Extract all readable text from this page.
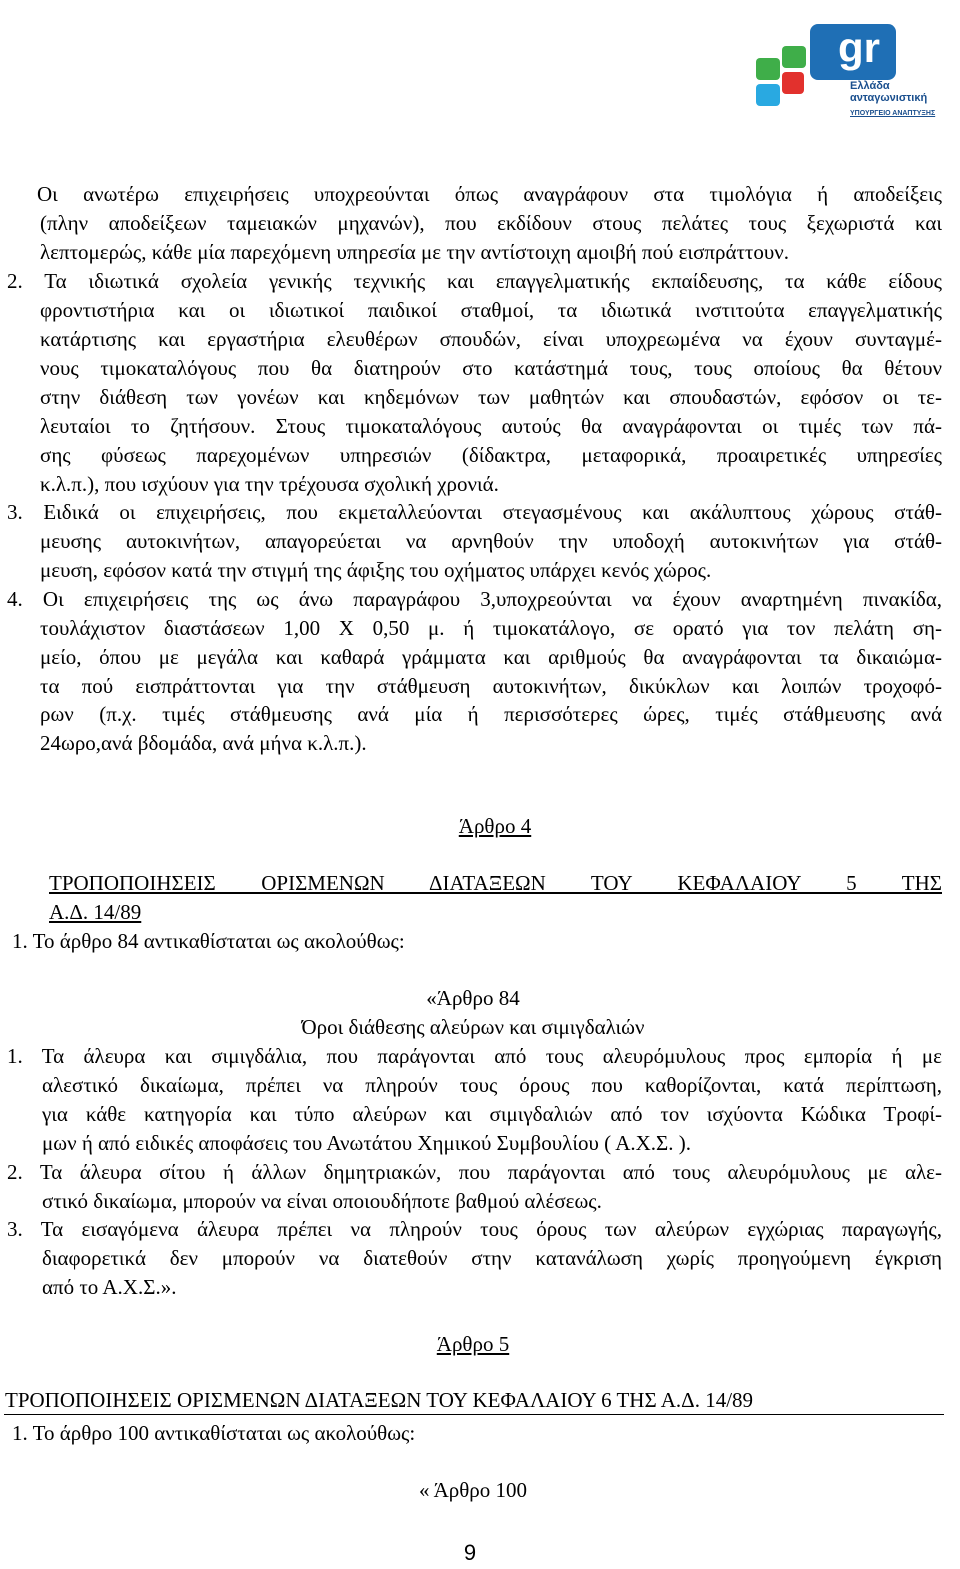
gr
Ελλάδα
ανταγωνιστική
ΥΠΟΥΡΓΕΙΟ ΑΝΑΠΤΥΞΗΣ

Οι ανωτέρω επιχειρήσεις υποχρεούνται όπως αναγράφουν στα τιμολόγια ή αποδείξεις

(πλην αποδείξεων ταμειακών μηχανών), που εκδίδουν στους πελάτες τους ξεχωριστά και

λεπτομερώς, κάθε μία παρεχόμενη υπηρεσία με την αντίστοιχη αμοιβή πού εισπράττουν.

2. Τα ιδιωτικά σχολεία γενικής τεχνικής και επαγγελματικής εκπαίδευσης, τα κάθε είδους

φροντιστήρια και οι ιδιωτικοί παιδικοί σταθμοί, τα ιδιωτικά ινστιτούτα επαγγελματικής

κατάρτισης και εργαστήρια ελευθέρων σπουδών, είναι υποχρεωμένα να έχουν συνταγμέ-

νους τιμοκαταλόγους που θα διατηρούν στο κατάστημά τους, τους οποίους θα θέτουν

στην διάθεση των γονέων και κηδεμόνων των μαθητών και σπουδαστών, εφόσον οι τε-

λευταίοι το ζητήσουν. Στους τιμοκαταλόγους αυτούς θα αναγράφονται οι τιμές των πά-

σης φύσεως παρεχομένων υπηρεσιών (δίδακτρα, μεταφορικά, προαιρετικές υπηρεσίες

κ.λ.π.), που ισχύουν για την τρέχουσα σχολική χρονιά.

3. Ειδικά οι επιχειρήσεις, που εκμεταλλεύονται στεγασμένους και ακάλυπτους χώρους στάθ-

μευσης αυτοκινήτων, απαγορεύεται να αρνηθούν την υποδοχή αυτοκινήτων για στάθ-

μευση, εφόσον κατά την στιγμή της άφιξης του οχήματος υπάρχει κενός χώρος.

4. Οι επιχειρήσεις της ως άνω παραγράφου 3,υποχρεούνται να έχουν αναρτημένη πινακίδα,

τουλάχιστον διαστάσεων 1,00 Χ 0,50 μ. ή τιμοκατάλογο, σε ορατό για τον πελάτη ση-

μείο, όπου με μεγάλα και καθαρά γράμματα και αριθμούς θα αναγράφονται τα δικαιώμα-

τα πού εισπράττονται για την στάθμευση αυτοκινήτων, δικύκλων και λοιπών τροχοφό-

ρων (π.χ. τιμές στάθμευσης ανά μία ή περισσότερες ώρες, τιμές στάθμευσης ανά

24ωρο,ανά βδομάδα, ανά μήνα κ.λ.π.).

Άρθρο 4

ΤΡΟΠΟΠΟΙΗΣΕΙΣ ΟΡΙΣΜΕΝΩΝ ΔΙΑΤΑΞΕΩΝ ΤΟΥ ΚΕΦΑΛΑΙΟΥ 5 ΤΗΣ

Α.Δ. 14/89

1. Το άρθρο 84 αντικαθίσταται ως ακολούθως:

«Άρθρο 84

Όροι διάθεσης αλεύρων και σιμιγδαλιών

1. Τα άλευρα και σιμιγδάλια, που παράγονται από τους αλευρόμυλους προς εμπορία ή με

αλεστικό δικαίωμα, πρέπει να πληρούν τους όρους που καθορίζονται, κατά περίπτωση,

για κάθε κατηγορία και τύπο αλεύρων και σιμιγδαλιών από τον ισχύοντα Κώδικα Τροφί-

μων ή από ειδικές αποφάσεις του Ανωτάτου Χημικού Συμβουλίου ( Α.Χ.Σ. ).

2. Τα άλευρα σίτου ή άλλων δημητριακών, που παράγονται από τους αλευρόμυλους με αλε-

στικό δικαίωμα, μπορούν να είναι οποιουδήποτε βαθμού αλέσεως.

3. Τα εισαγόμενα άλευρα πρέπει να πληρούν τους όρους των αλεύρων εγχώριας παραγωγής,

διαφορετικά δεν μπορούν να διατεθούν στην κατανάλωση χωρίς προηγούμενη έγκριση

από το Α.Χ.Σ.».

Άρθρο 5

ΤΡΟΠΟΠΟΙΗΣΕΙΣ ΟΡΙΣΜΕΝΩΝ ΔΙΑΤΑΞΕΩΝ ΤΟΥ ΚΕΦΑΛΑΙΟΥ 6 ΤΗΣ Α.Δ. 14/89

1. Το άρθρο 100 αντικαθίσταται ως ακολούθως:

« Άρθρο 100

9
